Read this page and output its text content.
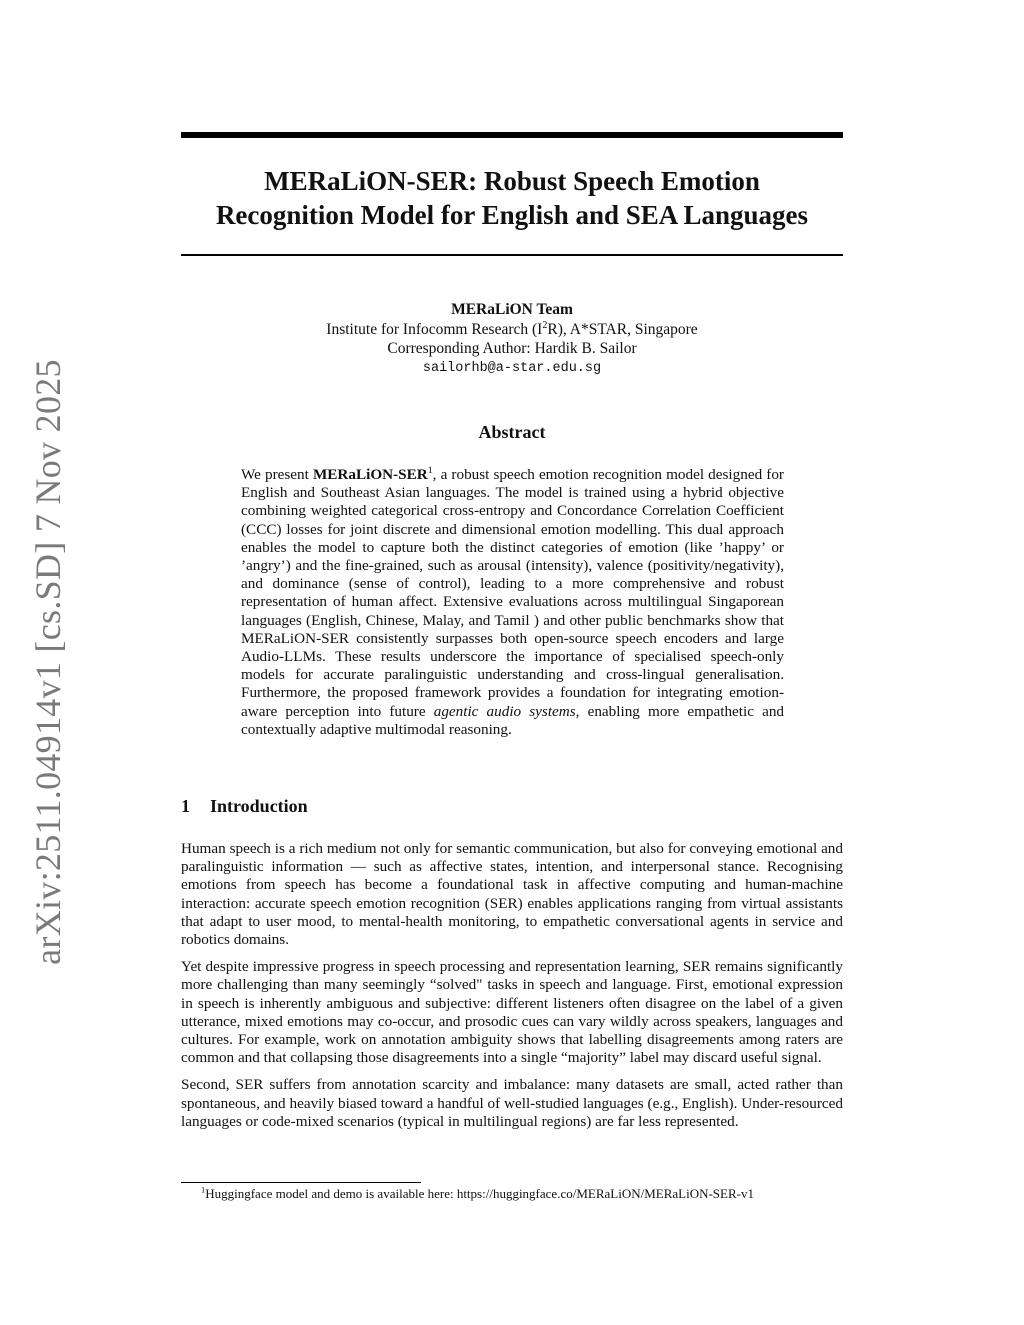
arXiv:2511.04914v1 [cs.SD] 7 Nov 2025
MERaLiON-SER: Robust Speech Emotion
Recognition Model for English and SEA Languages
MERaLiON Team
Institute for Infocomm Research $(I^2R)$, A*STAR, Singapore
Corresponding Author: Hardik B. Sailor
sailorhb@a-star.edu.sg
Abstract

We present MERaLiON-SER$^1$, a robust speech emotion recognition model designed for English and Southeast Asian languages. The model is trained using a hybrid objective combining weighted categorical cross-entropy and Concordance Correlation Coefficient (CCC) losses for joint discrete and dimensional emotion modelling. This dual approach enables the model to capture both the distinct categories of emotion (like ’happy’ or ’angry’) and the fine-grained, such as arousal (intensity), valence (positivity/negativity), and dominance (sense of control), leading to a more comprehensive and robust representation of human affect. Extensive evaluations across multilingual Singaporean languages (English, Chinese, Malay, and Tamil ) and other public benchmarks show that MERaLiON-SER consistently surpasses both open-source speech encoders and large Audio-LLMs. These results underscore the importance of specialised speech-only models for accurate paralinguistic understanding and cross-lingual generalisation. Furthermore, the proposed framework provides a foundation for integrating emotion-aware perception into future agentic audio systems, enabling more empathetic and contextually adaptive multimodal reasoning.

1 Introduction

Human speech is a rich medium not only for semantic communication, but also for conveying emotional and paralinguistic information — such as affective states, intention, and interpersonal stance. Recognising emotions from speech has become a foundational task in affective computing and human-machine interaction: accurate speech emotion recognition (SER) enables applications ranging from virtual assistants that adapt to user mood, to mental-health monitoring, to empathetic conversational agents in service and robotics domains.

Yet despite impressive progress in speech processing and representation learning, SER remains significantly more challenging than many seemingly “solved" tasks in speech and language. First, emotional expression in speech is inherently ambiguous and subjective: different listeners often disagree on the label of a given utterance, mixed emotions may co-occur, and prosodic cues can vary wildly across speakers, languages and cultures. For example, work on annotation ambiguity shows that labelling disagreements among raters are common and that collapsing those disagreements into a single “majority” label may discard useful signal.

Second, SER suffers from annotation scarcity and imbalance: many datasets are small, acted rather than spontaneous, and heavily biased toward a handful of well-studied languages (e.g., English). Under-resourced languages or code-mixed scenarios (typical in multilingual regions) are far less represented.

$^1$Huggingface model and demo is available here: https://huggingface.co/MERaLiON/MERaLiON-SER-v1
